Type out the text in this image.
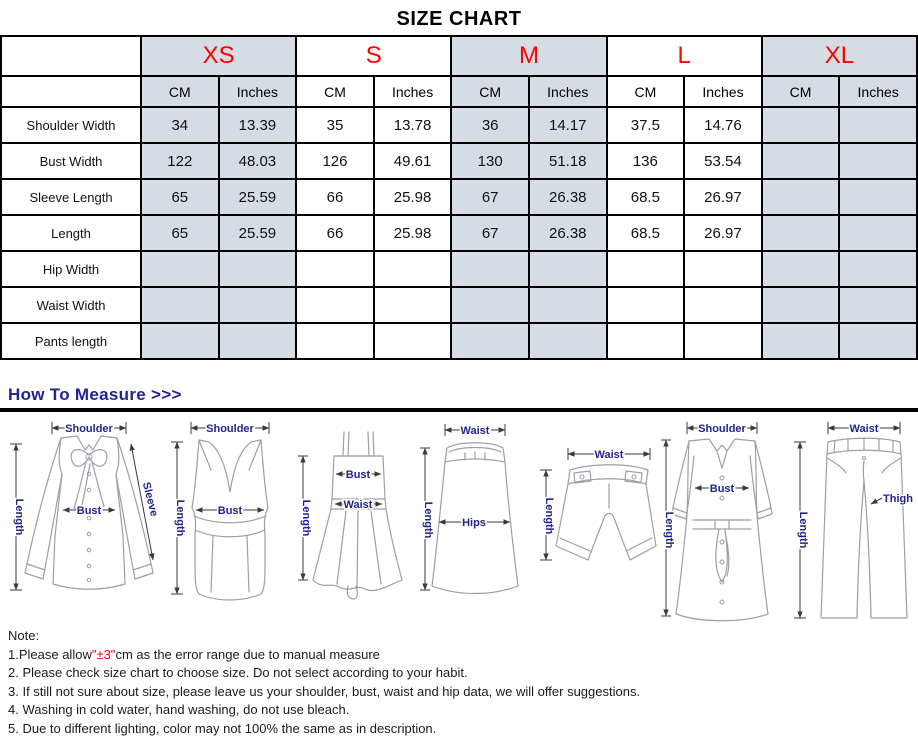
SIZE CHART
	XS		S		M		L		XL	
	CM	Inches	CM	Inches	CM	Inches	CM	Inches	CM	Inches
Shoulder Width	34	13.39	35	13.78	36	14.17	37.5	14.76		
Bust Width	122	48.03	126	49.61	130	51.18	136	53.54		
Sleeve Length	65	25.59	66	25.98	67	26.38	68.5	26.97		
Length	65	25.59	66	25.98	67	26.38	68.5	26.97		
Hip Width										
Waist Width										
Pants length										
How To Measure >>>
Shoulder
Bust
Length	Sleeve
Shoulder
Bust
Length
Bust
Waist
Length
Waist
Hips
Length
Waist
Length
Shoulder
Bust
Length
Waist
Thigh
Length
Note:
1.Please allow"±3"cm as the error range due to manual measure
2. Please check size chart to choose size. Do not select according to your habit.
3. If still not sure about size, please leave us your shoulder, bust, waist and hip data, we will offer suggestions.
4. Washing in cold water, hand washing, do not use bleach.
5. Due to different lighting, color may not 100% the same as in description.
